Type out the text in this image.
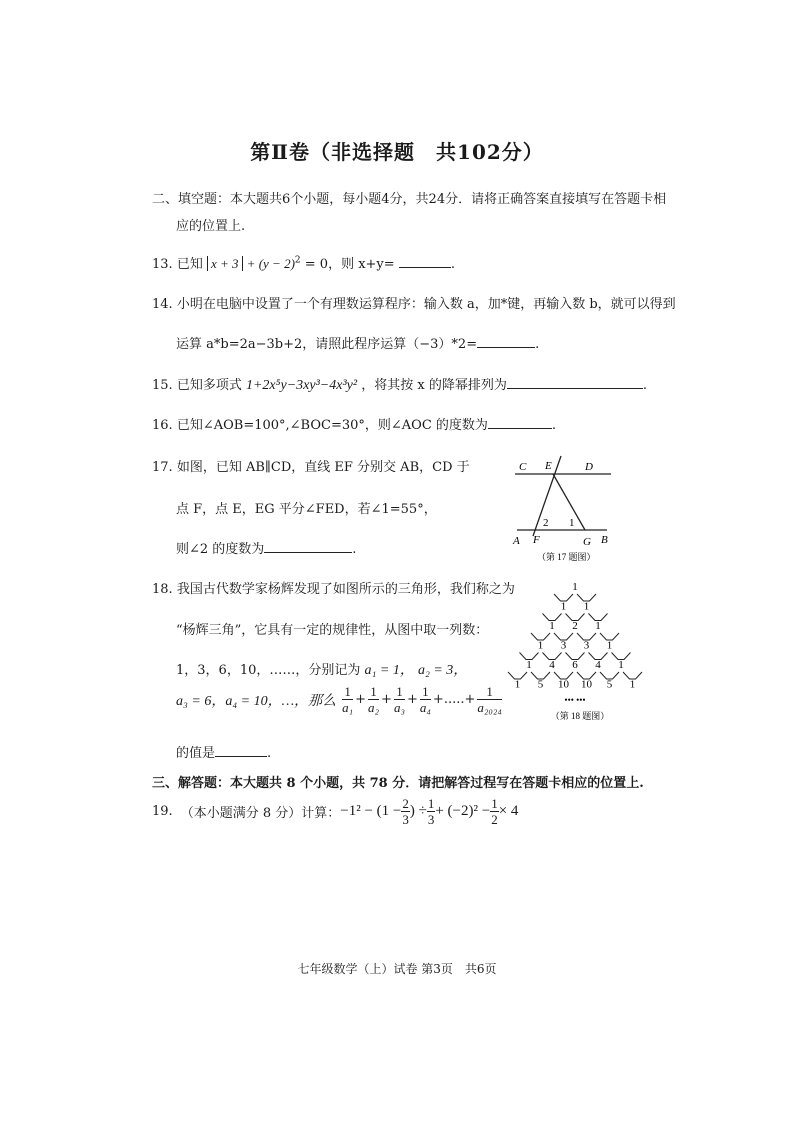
第Ⅱ卷（非选择题　共102分）
二、填空题：本大题共6个小题，每小题4分，共24分．请将正确答案直接填写在答题卡相
应的位置上.
13. 已知 $x + 3 + (y - 2)^2 = 0$，则 x+y=	.
14. 小明在电脑中设置了一个有理数运算程序：输入数 a，加*键，再输入数 b，就可以得到
运算 a*b=2a−3b+2，请照此程序运算（−3）*2=	.
15. 已知多项式 1+2x⁵y−3xy³−4x³y² ，将其按 x 的降幂排列为	.
16. 已知∠AOB=100°,∠BOC=30°，则∠AOC 的度数为	.
17. 如图，已知 AB∥CD，直线 EF 分别交 AB，CD 于
点 F，点 E，EG 平分∠FED，若∠1=55°，
则∠2 的度数为	.
C E	D
2 1
A F	G B
（第 17 题图）
18. 我国古代数学家杨辉发现了如图所示的三角形，我们称之为
“杨辉三角”，它具有一定的规律性，从图中取一列数：
1，3，6，10，……，分别记为 a₁ = 1， a₂ = 3，
a₃ = 6，a₄ = 10，…，那么 $\frac{1}{\text{a₁}} + \frac{1}{\text{a₂}} + \frac{1}{\text{a₃}} + \frac{1}{\text{a₄}}$ +.....+ $\frac{1}{\text{a₂₀₂₄}}$
的值是	.
1
1 1
1 2 1
1 3 3 1
1 4 6 4 1
1 5 10 10 5 1
••• •••
（第 18 题图）
三、解答题：本大题共 8 个小题，共 78 分．请把解答过程写在答题卡相应的位置上.
19. （本小题满分 8 分）计算： $-1^2 - (1 - \frac{2}{3}$ ) ÷ $\frac{1}{3} + (-2)^2 - \frac{1}{2} \times 4$
七年级数学（上）试卷 第3页　共6页
